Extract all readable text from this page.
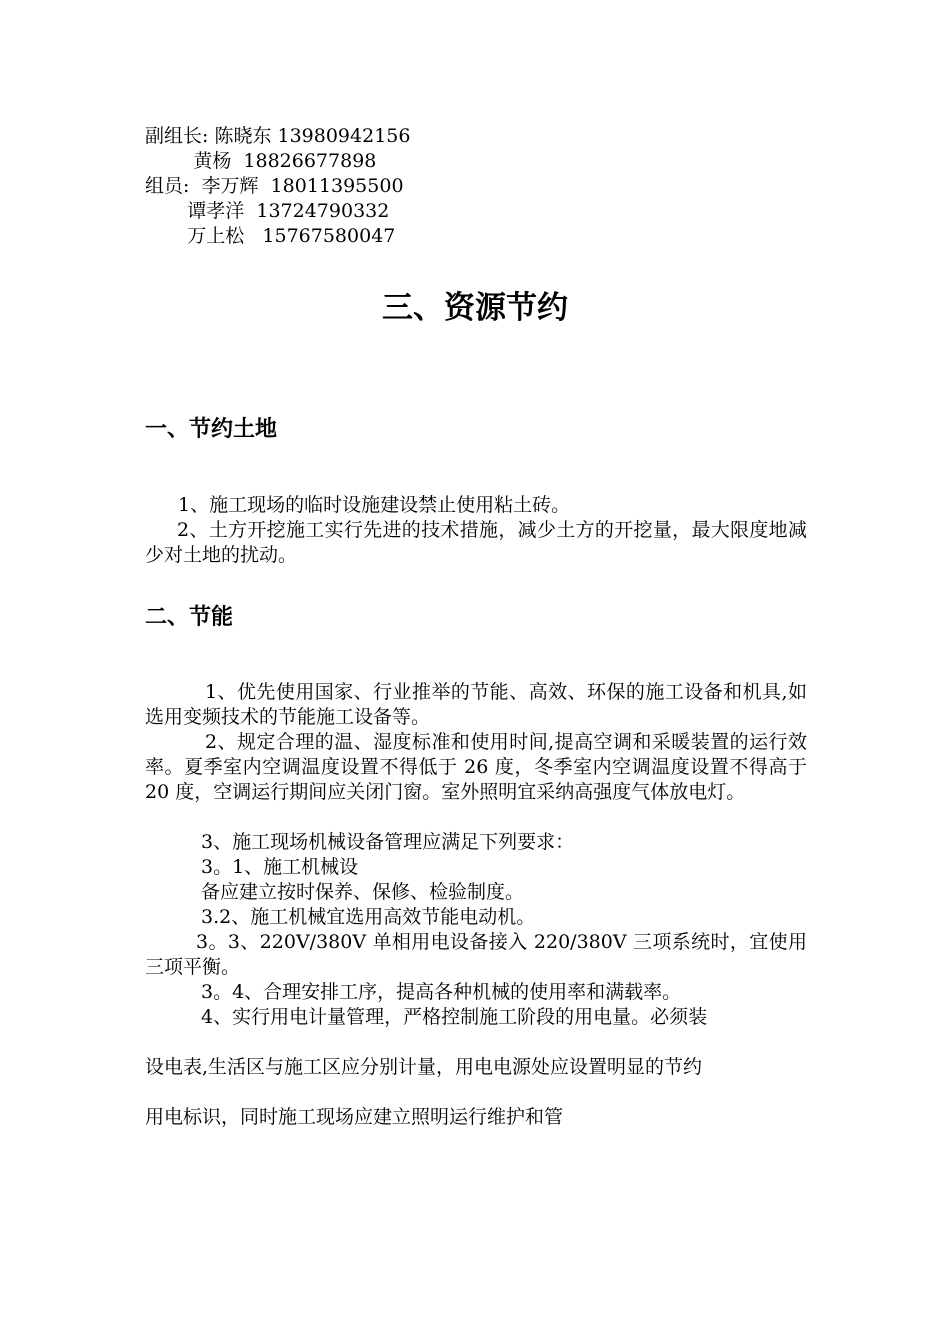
副组长: 陈晓东 13980942156
黄杨  18826677898
组员:  李万辉  18011395500
谭孝洋  13724790332
万上松   15767580047
三、资源节约
一、节约土地
1、施工现场的临时设施建设禁止使用粘土砖。
2、土方开挖施工实行先进的技术措施，减少土方的开挖量，最大限度地减少对土地的扰动。
二、节能
1、优先使用国家、行业推举的节能、高效、环保的施工设备和机具,如选用变频技术的节能施工设备等。
2、规定合理的温、湿度标准和使用时间,提高空调和采暖装置的运行效率。夏季室内空调温度设置不得低于 26 度，冬季室内空调温度设置不得高于 20 度，空调运行期间应关闭门窗。室外照明宜采纳高强度气体放电灯。
3、施工现场机械设备管理应满足下列要求：
3。1、施工机械设
备应建立按时保养、保修、检验制度。
3.2、施工机械宜选用高效节能电动机。
3。3、220V/380V 单相用电设备接入 220/380V 三项系统时，宜使用三项平衡。
3。4、合理安排工序，提高各种机械的使用率和满载率。
4、实行用电计量管理，严格控制施工阶段的用电量。必须装
设电表,生活区与施工区应分别计量，用电电源处应设置明显的节约
用电标识，同时施工现场应建立照明运行维护和管
